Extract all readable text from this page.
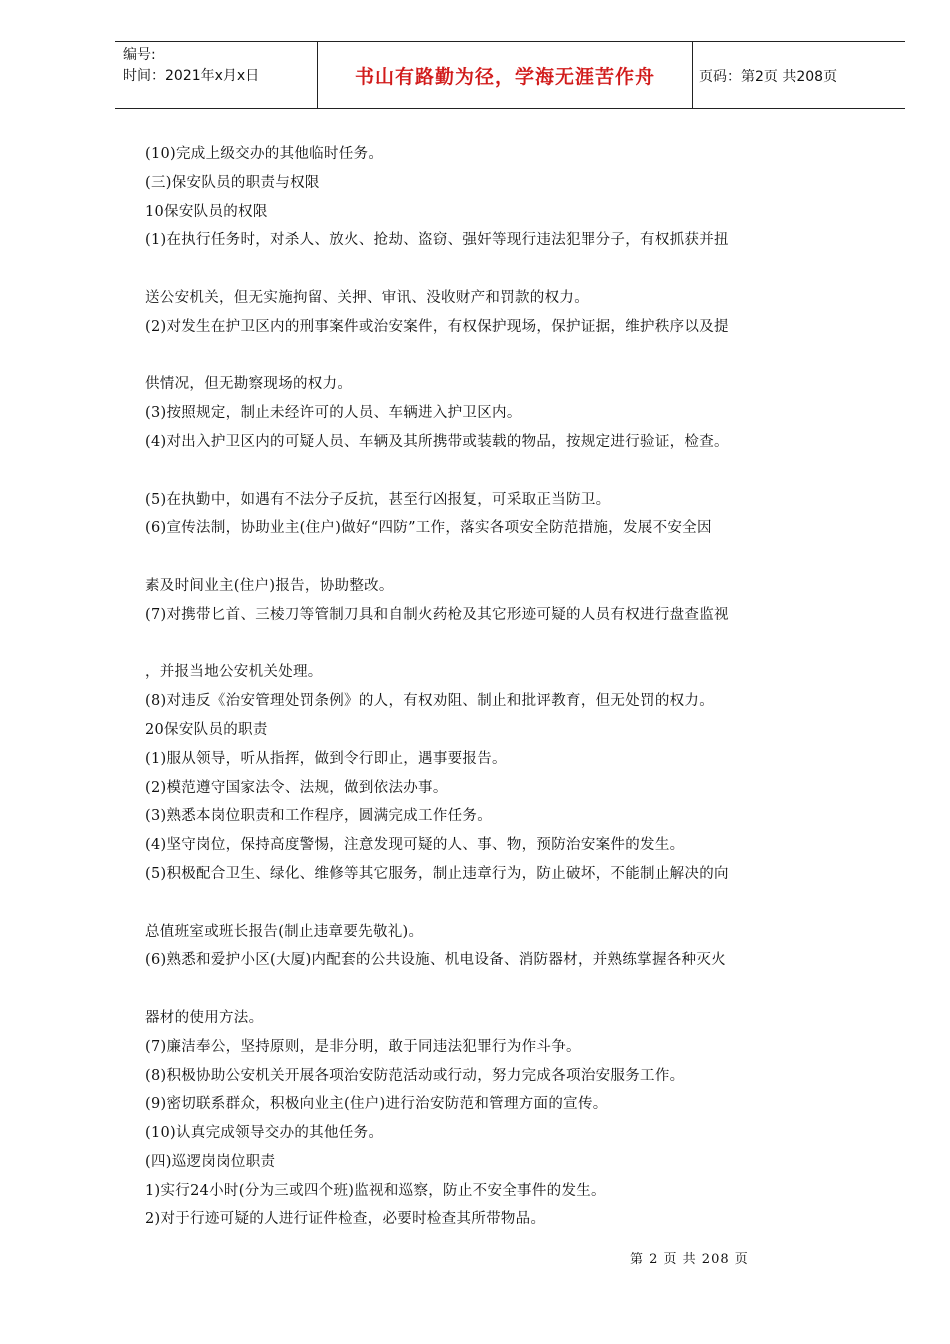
编号:
时间：2021年x月x日	书山有路勤为径，学海无涯苦作舟	页码：第2页 共208页
(10)完成上级交办的其他临时任务。
(三)保安队员的职责与权限
10保安队员的权限
(1)在执行任务时，对杀人、放火、抢劫、盗窃、强奸等现行违法犯罪分子，有权抓获并扭
送公安机关，但无实施拘留、关押、审讯、没收财产和罚款的权力。
(2)对发生在护卫区内的刑事案件或治安案件，有权保护现场，保护证据，维护秩序以及提
供情况，但无勘察现场的权力。
(3)按照规定，制止未经许可的人员、车辆进入护卫区内。
(4)对出入护卫区内的可疑人员、车辆及其所携带或装载的物品，按规定进行验证，检查。
(5)在执勤中，如遇有不法分子反抗，甚至行凶报复，可采取正当防卫。
(6)宣传法制，协助业主(住户)做好“四防”工作，落实各项安全防范措施，发展不安全因
素及时间业主(住户)报告，协助整改。
(7)对携带匕首、三棱刀等管制刀具和自制火药枪及其它形迹可疑的人员有权进行盘查监视
，并报当地公安机关处理。
(8)对违反《治安管理处罚条例》的人，有权劝阻、制止和批评教育，但无处罚的权力。
20保安队员的职责
(1)服从领导，听从指挥，做到令行即止，遇事要报告。
(2)模范遵守国家法令、法规，做到依法办事。
(3)熟悉本岗位职责和工作程序，圆满完成工作任务。
(4)坚守岗位，保持高度警惕，注意发现可疑的人、事、物，预防治安案件的发生。
(5)积极配合卫生、绿化、维修等其它服务，制止违章行为，防止破坏，不能制止解决的向
总值班室或班长报告(制止违章要先敬礼)。
(6)熟悉和爱护小区(大厦)内配套的公共设施、机电设备、消防器材，并熟练掌握各种灭火
器材的使用方法。
(7)廉洁奉公，坚持原则，是非分明，敢于同违法犯罪行为作斗争。
(8)积极协助公安机关开展各项治安防范活动或行动，努力完成各项治安服务工作。
(9)密切联系群众，积极向业主(住户)进行治安防范和管理方面的宣传。
(10)认真完成领导交办的其他任务。
(四)巡逻岗岗位职责
1)实行24小时(分为三或四个班)监视和巡察，防止不安全事件的发生。
2)对于行迹可疑的人进行证件检查，必要时检查其所带物品。
第 2 页 共 208 页
